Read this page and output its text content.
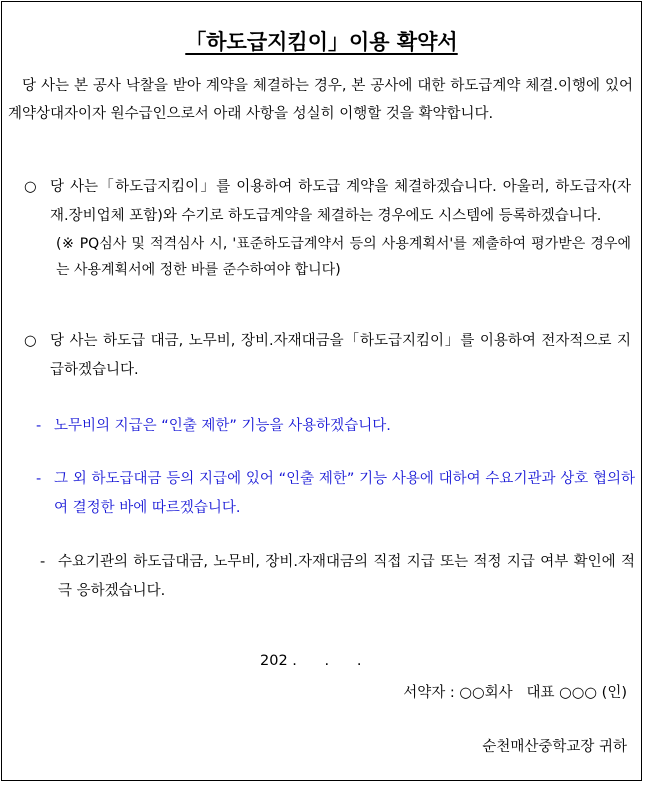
「하도급지킴이」이용 확약서
당 사는 본 공사 낙찰을 받아 계약을 체결하는 경우, 본 공사에 대한 하도급계약 체결.이행에 있어 계약상대자이자 원수급인으로서 아래 사항을 성실히 이행할 것을 확약합니다.
○ 당 사는「하도급지킴이」를 이용하여 하도급 계약을 체결하겠습니다. 아울러, 하도급자(자재.장비업체 포함)와 수기로 하도급계약을 체결하는 경우에도 시스템에 등록하겠습니다.
(※ PQ심사 및 적격심사 시, '표준하도급계약서 등의 사용계획서'를 제출하여 평가받은 경우에는 사용계획서에 정한 바를 준수하여야 합니다)
○ 당 사는 하도급 대금, 노무비, 장비.자재대금을「하도급지킴이」를 이용하여 전자적으로 지급하겠습니다.
- 노무비의 지급은 “인출 제한” 기능을 사용하겠습니다.
- 그 외 하도급대금 등의 지급에 있어 “인출 제한” 기능 사용에 대하여 수요기관과 상호 협의하여 결정한 바에 따르겠습니다.
- 수요기관의 하도급대금, 노무비, 장비.자재대금의 직접 지급 또는 적정 지급 여부 확인에 적극 응하겠습니다.
202 .      .      .
서약자 : ○○회사   대표 ○○○ (인)
순천매산중학교장 귀하
